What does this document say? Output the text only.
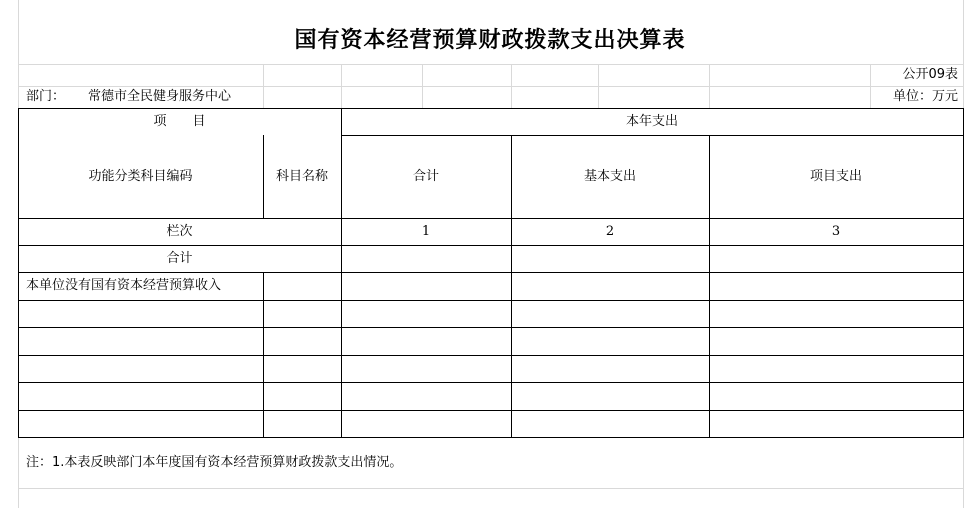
国有资本经营预算财政拨款支出决算表
公开09表
部门： 常德市全民健身服务中心	单位：万元
项　　目	本年支出
功能分类科目编码	科目名称	合计	基本支出	项目支出
栏次	1	2	3
合计
本单位没有国有资本经营预算收入
注：1.本表反映部门本年度国有资本经营预算财政拨款支出情况。
